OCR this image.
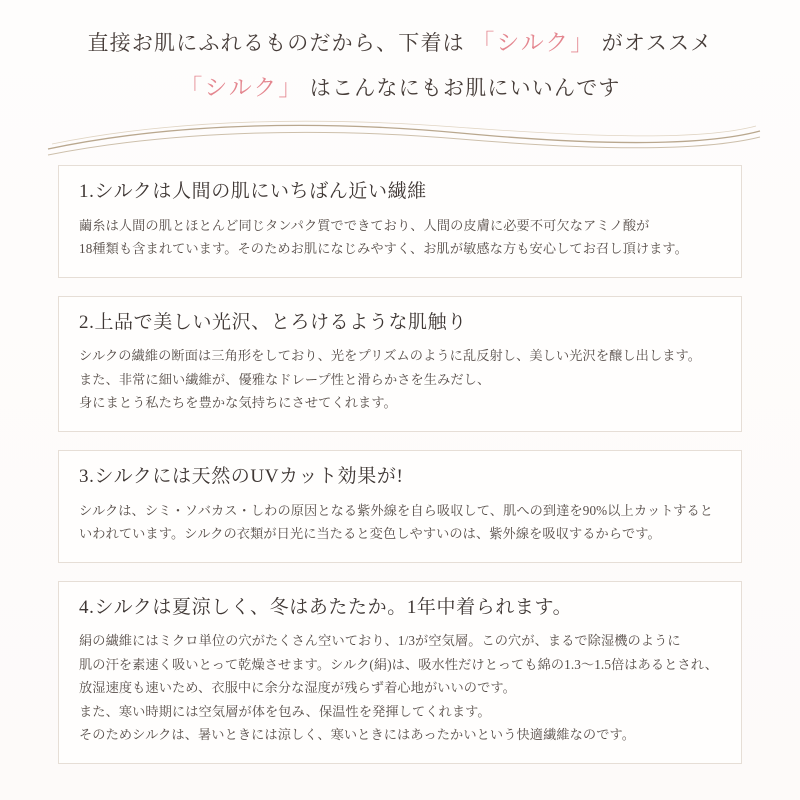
直接お肌にふれるものだから、下着は 「シルク」 がオススメ
「シルク」 はこんなにもお肌にいいんです
1.シルクは人間の肌にいちばん近い繊維
繭糸は人間の肌とほとんど同じタンパク質でできており、人間の皮膚に必要不可欠なアミノ酸が
18種類も含まれています。そのためお肌になじみやすく、お肌が敏感な方も安心してお召し頂けます。
2.上品で美しい光沢、とろけるような肌触り
シルクの繊維の断面は三角形をしており、光をプリズムのように乱反射し、美しい光沢を醸し出します。
また、非常に細い繊維が、優雅なドレープ性と滑らかさを生みだし、
身にまとう私たちを豊かな気持ちにさせてくれます。
3.シルクには天然のUVカット効果が!
シルクは、シミ・ソバカス・しわの原因となる紫外線を自ら吸収して、肌への到達を90%以上カットすると
いわれています。シルクの衣類が日光に当たると変色しやすいのは、紫外線を吸収するからです。
4.シルクは夏涼しく、冬はあたたか。1年中着られます。
絹の繊維にはミクロ単位の穴がたくさん空いており、1/3が空気層。この穴が、まるで除湿機のように
肌の汗を素速く吸いとって乾燥させます。シルク(絹)は、吸水性だけとっても綿の1.3〜1.5倍はあるとされ、
放湿速度も速いため、衣服中に余分な湿度が残らず着心地がいいのです。
また、寒い時期には空気層が体を包み、保温性を発揮してくれます。
そのためシルクは、暑いときには涼しく、寒いときにはあったかいという快適繊維なのです。
